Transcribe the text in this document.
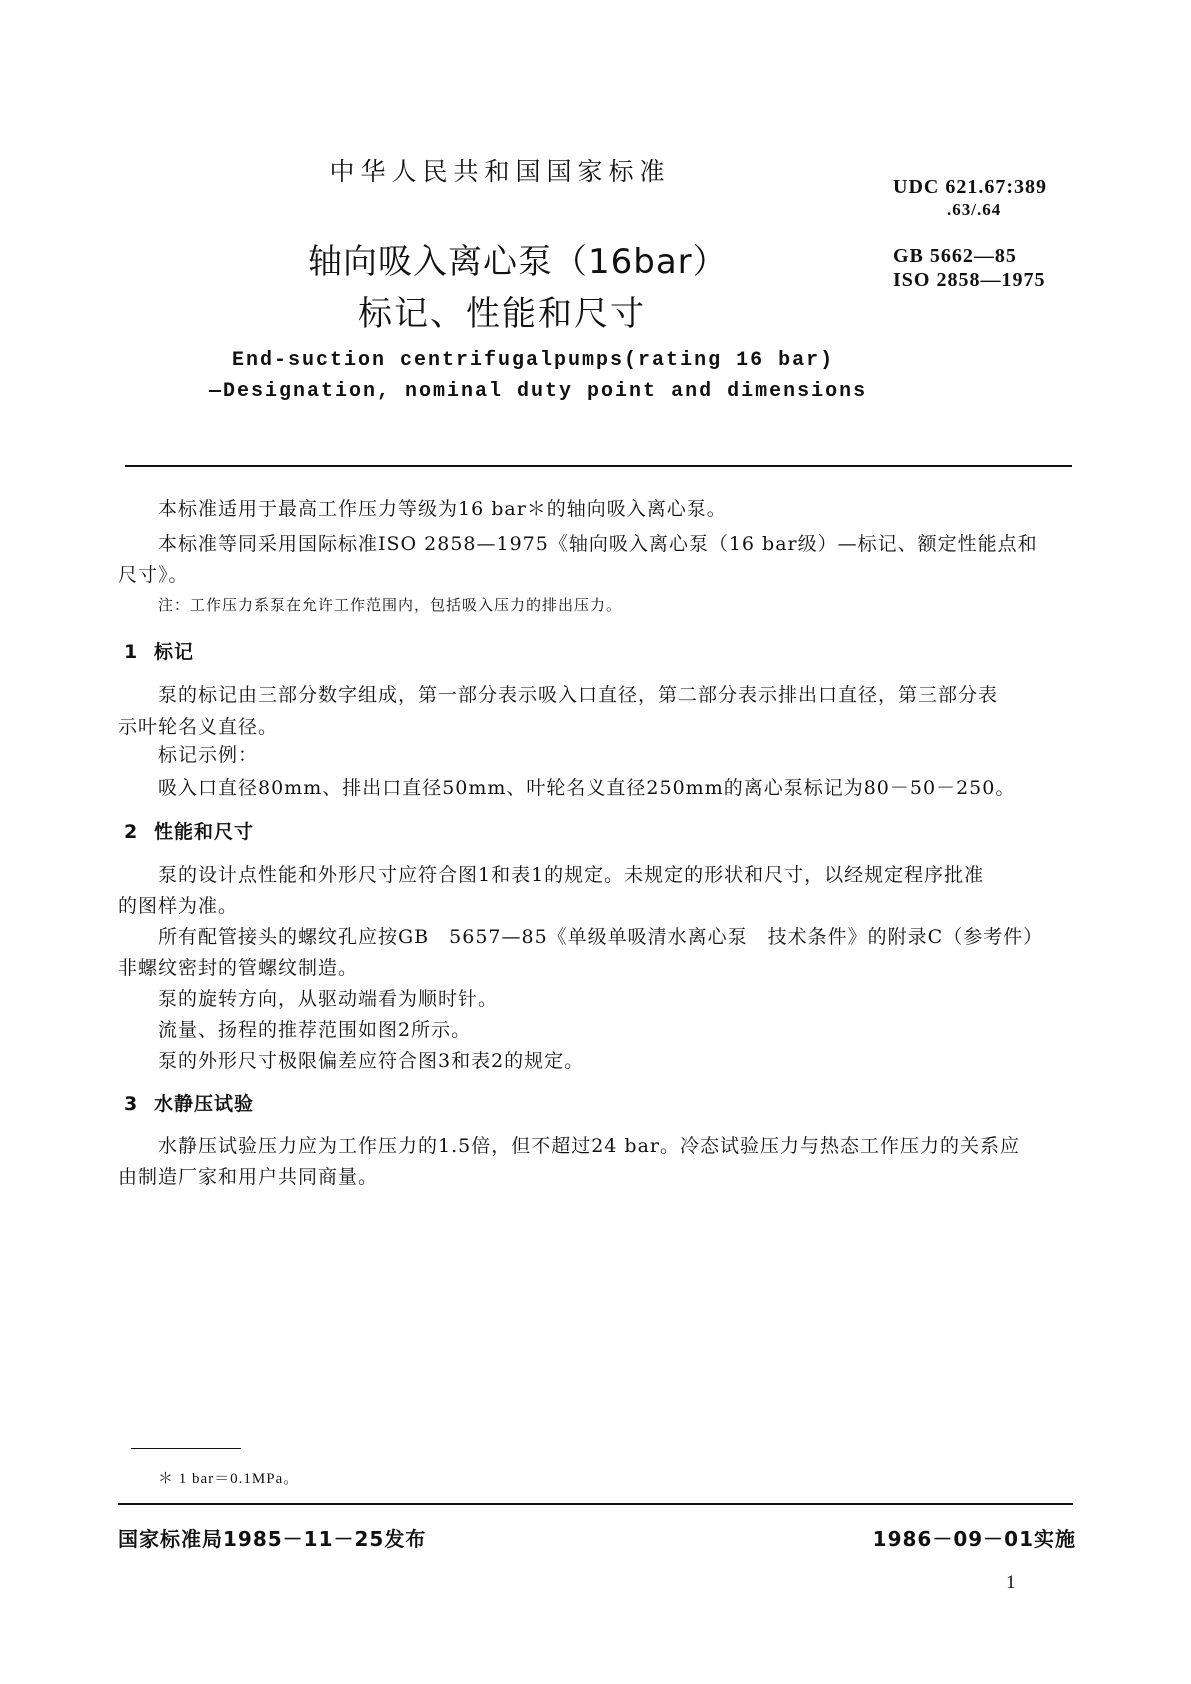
中华人民共和国国家标准
UDC 621.67:389
.63/.64
GB 5662—85
ISO 2858—1975
轴向吸入离心泵（16bar）
标记、性能和尺寸
End-suction centrifugalpumps(rating 16 bar)
—Designation, nominal duty point and dimensions
本标准适用于最高工作压力等级为16 bar＊的轴向吸入离心泵。
本标准等同采用国际标准ISO 2858—1975《轴向吸入离心泵（16 bar级）—标记、额定性能点和
尺寸》。
注：工作压力系泵在允许工作范围内，包括吸入压力的排出压力。
1 标记
泵的标记由三部分数字组成，第一部分表示吸入口直径，第二部分表示排出口直径，第三部分表
示叶轮名义直径。
标记示例：
吸入口直径80mm、排出口直径50mm、叶轮名义直径250mm的离心泵标记为80－50－250。
2 性能和尺寸
泵的设计点性能和外形尺寸应符合图1和表1的规定。未规定的形状和尺寸，以经规定程序批准
的图样为准。
所有配管接头的螺纹孔应按GB　5657—85《单级单吸清水离心泵　技术条件》的附录C（参考件）
非螺纹密封的管螺纹制造。
泵的旋转方向，从驱动端看为顺时针。
流量、扬程的推荐范围如图2所示。
泵的外形尺寸极限偏差应符合图3和表2的规定。
3 水静压试验
水静压试验压力应为工作压力的1.5倍，但不超过24 bar。冷态试验压力与热态工作压力的关系应
由制造厂家和用户共同商量。
＊ 1 bar＝0.1MPa。
国家标准局1985－11－25发布	1986－09－01实施
1
